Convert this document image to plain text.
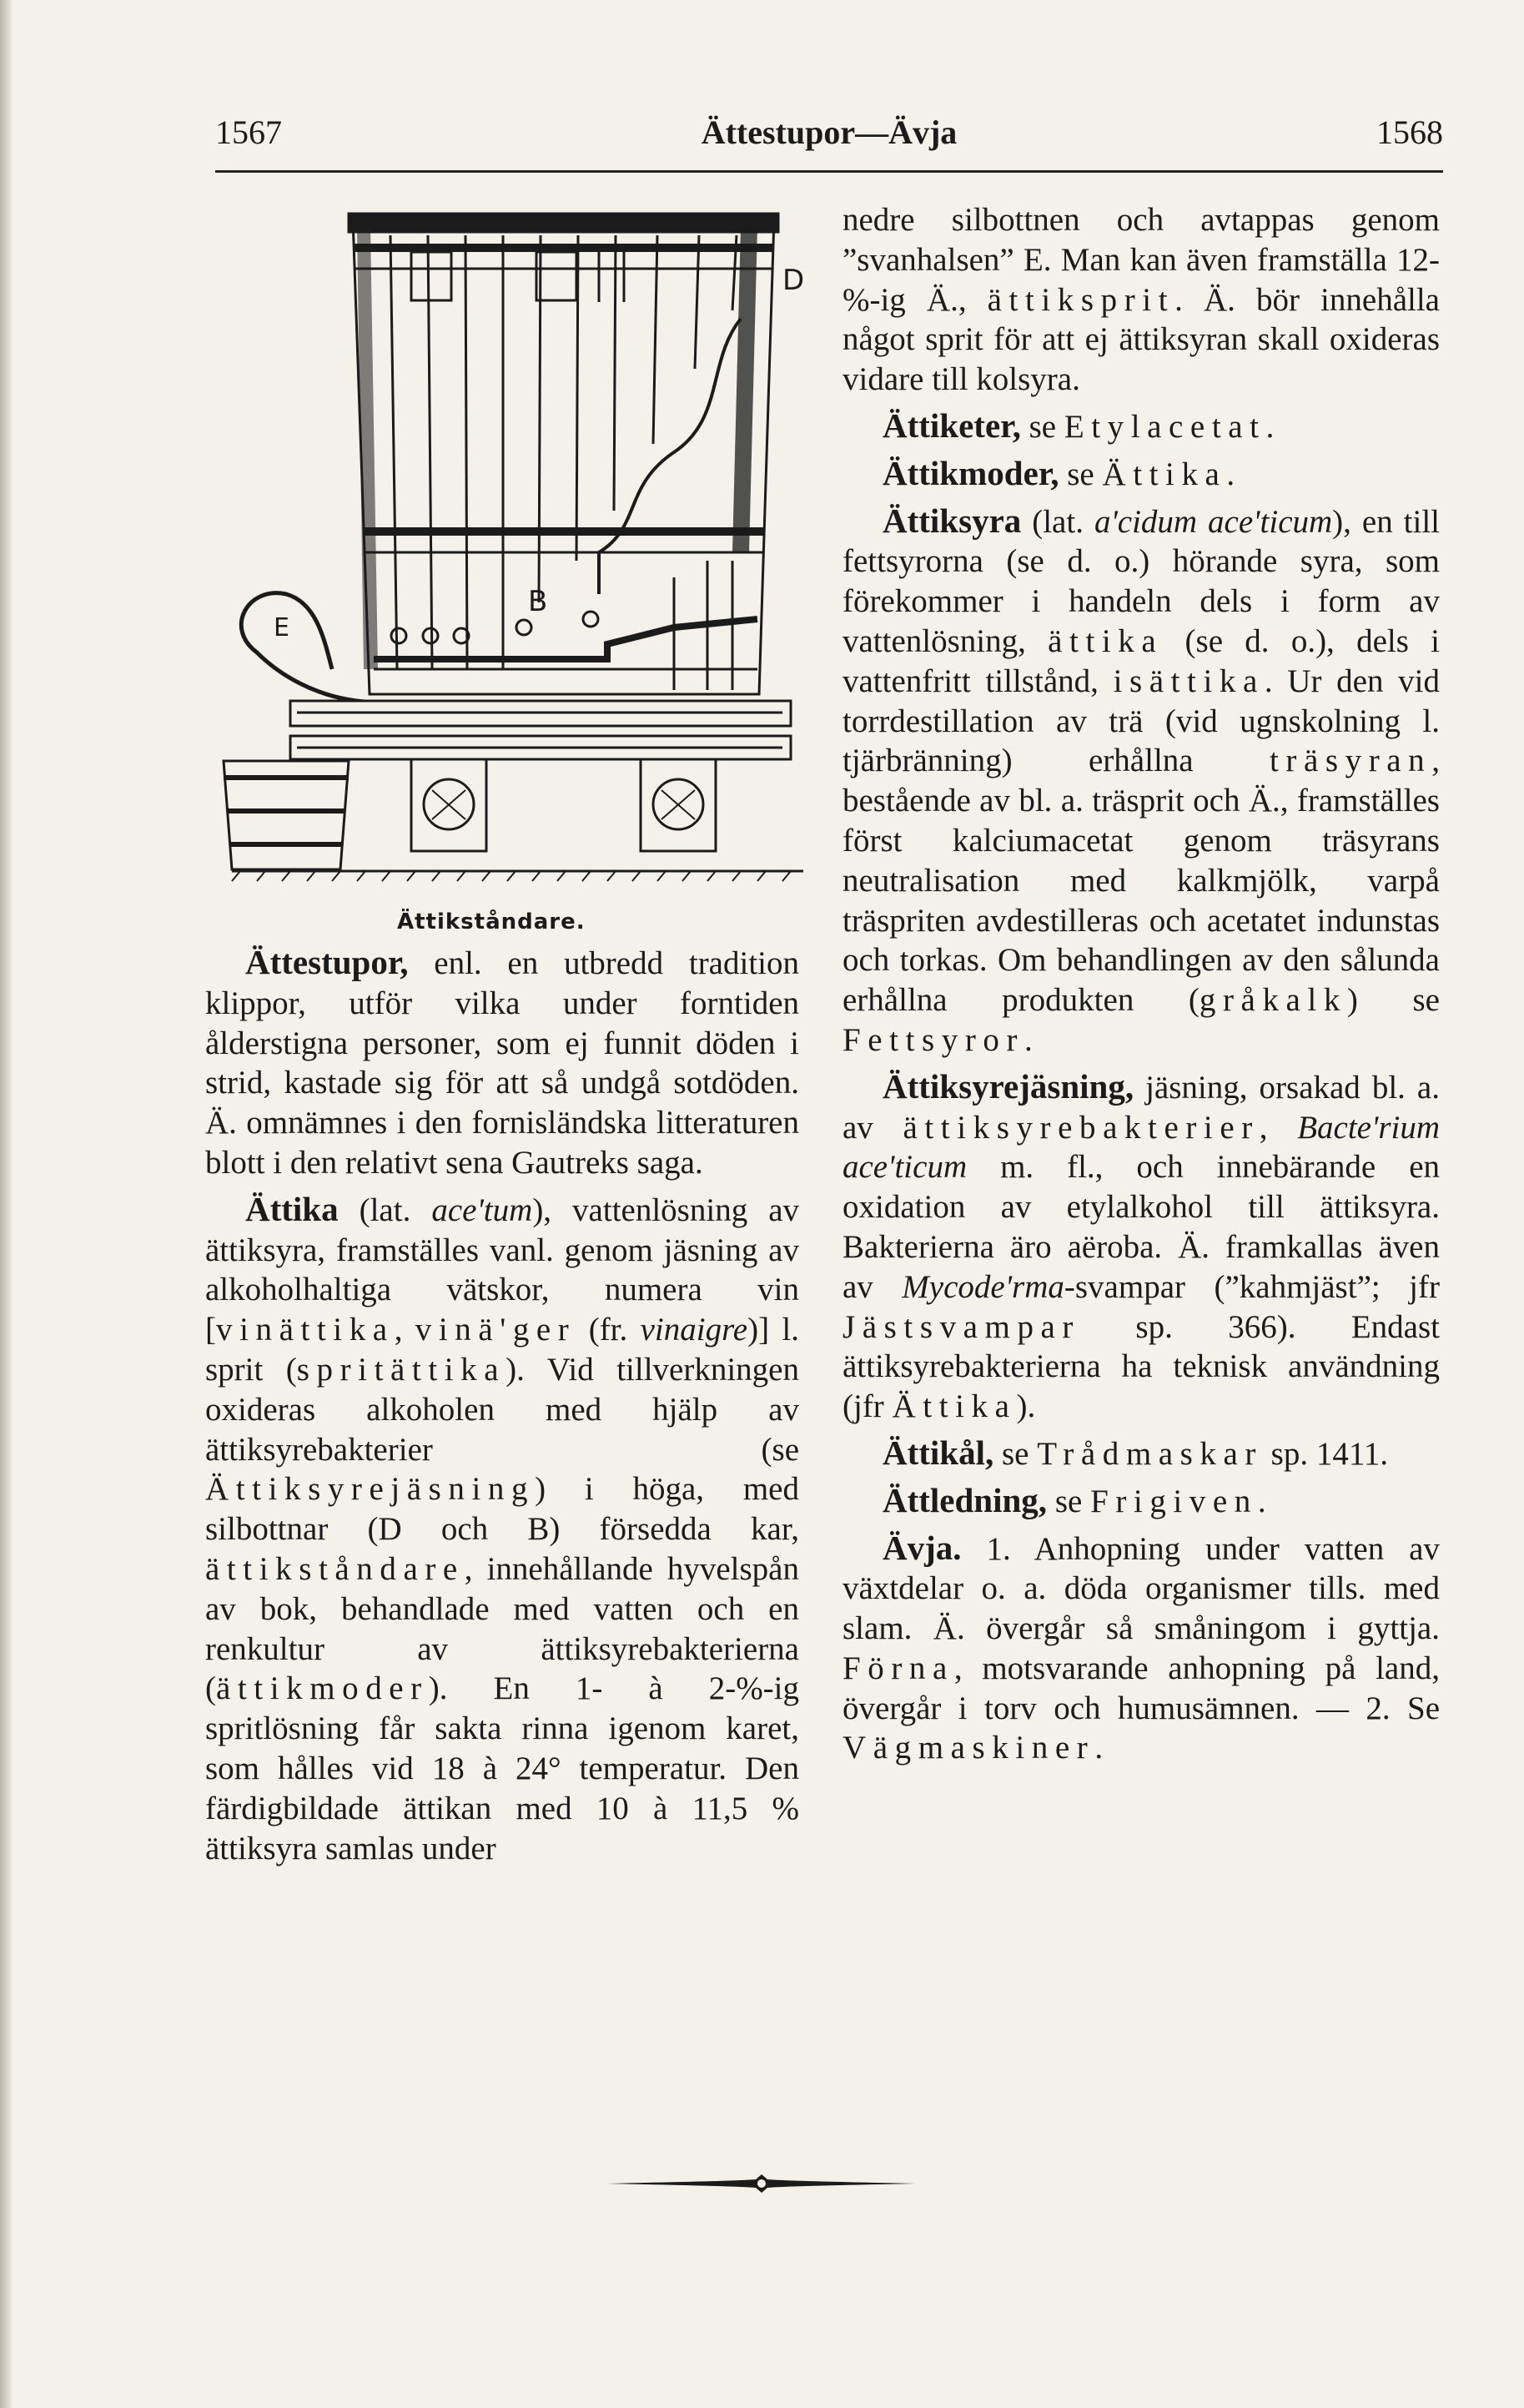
1567	Ättestupor—Ävja	1568
D
B
E
Ättikståndare.

Ättestupor, enl. en utbredd tradition klippor, utför vilka under forntiden ålderstigna personer, som ej funnit döden i strid, kastade sig för att så undgå sotdöden. Ä. omnämnes i den fornisländska litteraturen blott i den relativt sena Gautreks saga.

Ättika (lat. ace'tum), vattenlösning av ättiksyra, framställes vanl. genom jäsning av alkoholhaltiga vätskor, numera vin [vinättika, vinä'ger (fr. vinaigre)] l. sprit (spritättika). Vid tillverkningen oxideras alkoholen med hjälp av ättiksyrebakterier (se Ättiksyrejäsning) i höga, med silbottnar (D och B) försedda kar, ättikståndare, innehållande hyvelspån av bok, behandlade med vatten och en renkultur av ättiksyrebakterierna (ättikmoder). En 1- à 2-%-ig spritlösning får sakta rinna igenom karet, som hålles vid 18 à 24° temperatur. Den färdigbildade ättikan med 10 à 11,5 % ättiksyra samlas under

nedre silbottnen och avtappas genom ”svanhalsen” E. Man kan även framställa 12-%-ig Ä., ättiksprit. Ä. bör innehålla något sprit för att ej ättiksyran skall oxideras vidare till kolsyra.

Ättiketer, se Etylacetat.

Ättikmoder, se Ättika.

Ättiksyra (lat. a'cidum ace'ticum), en till fettsyrorna (se d. o.) hörande syra, som förekommer i handeln dels i form av vattenlösning, ättika (se d. o.), dels i vattenfritt tillstånd, isättika. Ur den vid torrdestillation av trä (vid ugnskolning l. tjärbränning) erhållna träsyran, bestående av bl. a. träsprit och Ä., framställes först kalciumacetat genom träsyrans neutralisation med kalkmjölk, varpå träspriten avdestilleras och acetatet indunstas och torkas. Om behandlingen av den sålunda erhållna produkten (gråkalk) se Fettsyror.

Ättiksyrejäsning, jäsning, orsakad bl. a. av ättiksyrebakterier, Bacte'rium ace'ticum m. fl., och innebärande en oxidation av etylalkohol till ättiksyra. Bakterierna äro aëroba. Ä. framkallas även av Mycode'rma-svampar (”kahmjäst”; jfr Jästsvampar sp. 366). Endast ättiksyrebakterierna ha teknisk användning (jfr Ättika).

Ättikål, se Trådmaskar sp. 1411.

Ättledning, se Frigiven.

Ävja. 1. Anhopning under vatten av växtdelar o. a. döda organismer tills. med slam. Ä. övergår så småningom i gyttja. Förna, motsvarande anhopning på land, övergår i torv och humusämnen. — 2. Se Vägmaskiner.
